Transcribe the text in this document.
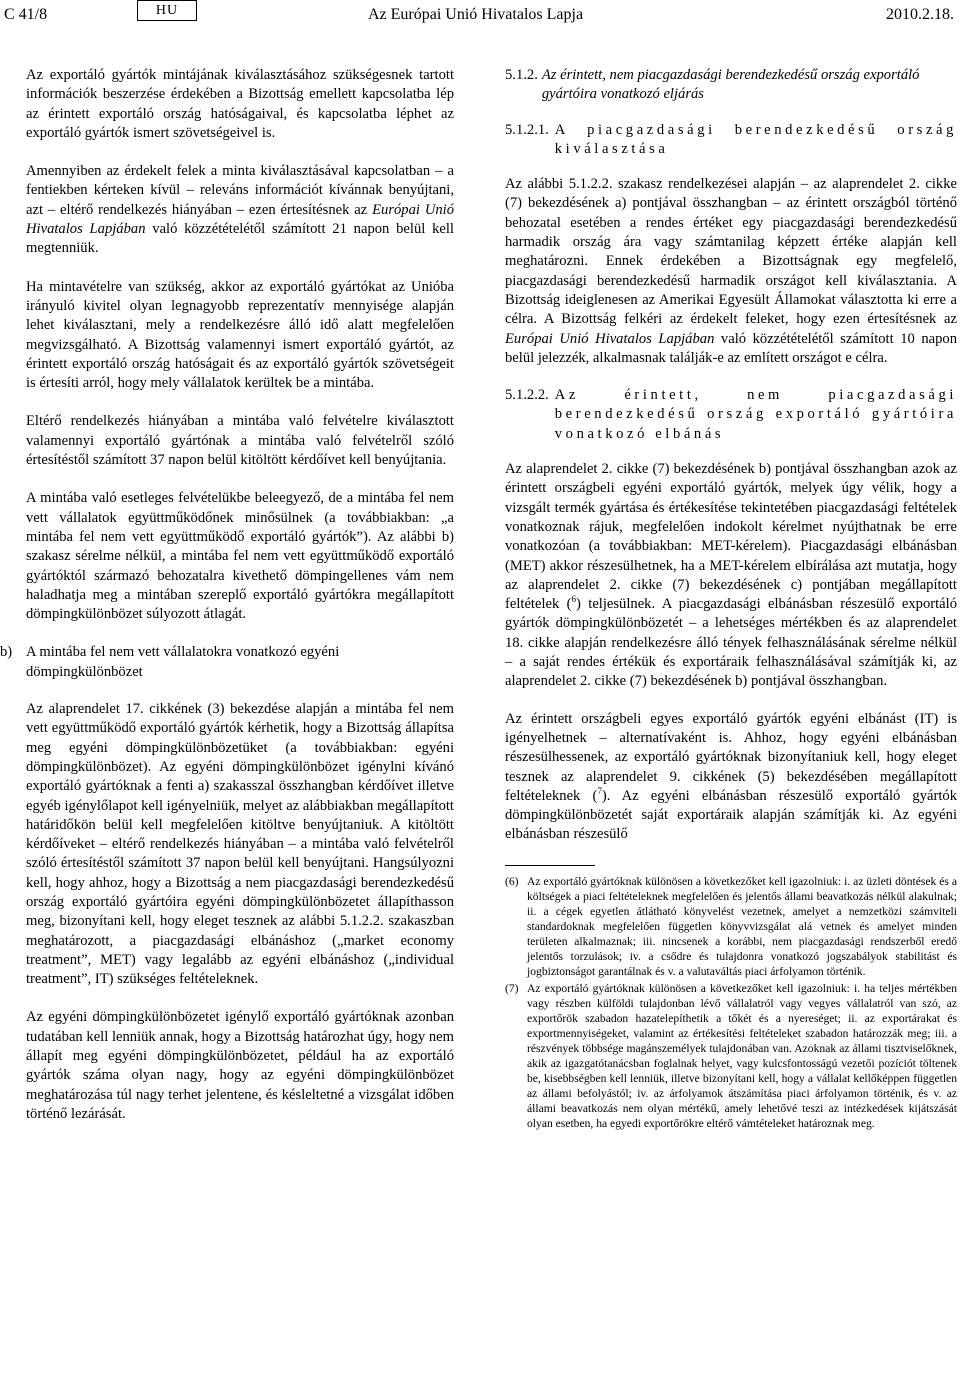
C 41/8	HU	Az Európai Unió Hivatalos Lapja	2010.2.18.

Az exportáló gyártók mintájának kiválasztásához szükségesnek tartott információk beszerzése érdekében a Bizottság emellett kapcsolatba lép az érintett exportáló ország hatóságaival, és kapcsolatba léphet az exportáló gyártók ismert szövetségeivel is.

Amennyiben az érdekelt felek a minta kiválasztásával kapcsolatban – a fentiekben kérteken kívül – releváns információt kívánnak benyújtani, azt – eltérő rendelkezés hiányában – ezen értesítésnek az Európai Unió Hivatalos Lapjában való közzétételétől számított 21 napon belül kell megtenniük.

Ha mintavételre van szükség, akkor az exportáló gyártókat az Unióba irányuló kivitel olyan legnagyobb reprezentatív mennyisége alapján lehet kiválasztani, mely a rendelkezésre álló idő alatt megfelelően megvizsgálható. A Bizottság valamennyi ismert exportáló gyártót, az érintett exportáló ország hatóságait és az exportáló gyártók szövetségeit is értesíti arról, hogy mely vállalatok kerültek be a mintába.

Eltérő rendelkezés hiányában a mintába való felvételre kiválasztott valamennyi exportáló gyártónak a mintába való felvételről szóló értesítéstől számított 37 napon belül kitöltött kérdőívet kell benyújtania.

A mintába való esetleges felvételükbe beleegyező, de a mintába fel nem vett vállalatok együttműködőnek minősülnek (a továbbiakban: „a mintába fel nem vett együttműködő exportáló gyártók”). Az alábbi b) szakasz sérelme nélkül, a mintába fel nem vett együttműködő exportáló gyártóktól származó behozatalra kivethető dömpingellenes vám nem haladhatja meg a mintában szereplő exportáló gyártókra megállapított dömpingkülönbözet súlyozott átlagát.

b) A mintába fel nem vett vállalatokra vonatkozó egyéni dömpingkülönbözet

Az alaprendelet 17. cikkének (3) bekezdése alapján a mintába fel nem vett együttműködő exportáló gyártók kérhetik, hogy a Bizottság állapítsa meg egyéni dömpingkülönbözetüket (a továbbiakban: egyéni dömpingkülönbözet). Az egyéni dömpingkülönbözet igénylni kívánó exportáló gyártóknak a fenti a) szakasszal összhangban kérdőívet illetve egyéb igénylőlapot kell igényelniük, melyet az alábbiakban megállapított határidőkön belül kell megfelelően kitöltve benyújtaniuk. A kitöltött kérdőíveket – eltérő rendelkezés hiányában – a mintába való felvételről szóló értesítéstől számított 37 napon belül kell benyújtani. Hangsúlyozni kell, hogy ahhoz, hogy a Bizottság a nem piacgazdasági berendezkedésű ország exportáló gyártóira egyéni dömpingkülönbözetet állapíthasson meg, bizonyítani kell, hogy eleget tesznek az alábbi 5.1.2.2. szakaszban meghatározott, a piacgazdasági elbánáshoz („market economy treatment”, MET) vagy legalább az egyéni elbánáshoz („individual treatment”, IT) szükséges feltételeknek.

Az egyéni dömpingkülönbözetet igénylő exportáló gyártóknak azonban tudatában kell lenniük annak, hogy a Bizottság határozhat úgy, hogy nem állapít meg egyéni dömpingkülönbözetet, például ha az exportáló gyártók száma olyan nagy, hogy az egyéni dömpingkülönbözet meghatározása túl nagy terhet jelentene, és késleltetné a vizsgálat időben történő lezárását.

5.1.2. Az érintett, nem piacgazdasági berendezkedésű ország exportáló gyártóira vonatkozó eljárás
5.1.2.1. A piacgazdasági berendezkedésű ország kiválasztása

Az alábbi 5.1.2.2. szakasz rendelkezései alapján – az alaprendelet 2. cikke (7) bekezdésének a) pontjával összhangban – az érintett országból történő behozatal esetében a rendes értéket egy piacgazdasági berendezkedésű harmadik ország ára vagy számtanilag képzett értéke alapján kell meghatározni. Ennek érdekében a Bizottságnak egy megfelelő, piacgazdasági berendezkedésű harmadik országot kell kiválasztania. A Bizottság ideiglenesen az Amerikai Egyesült Államokat választotta ki erre a célra. A Bizottság felkéri az érdekelt feleket, hogy ezen értesítésnek az Európai Unió Hivatalos Lapjában való közzétételétől számított 10 napon belül jelezzék, alkalmasnak találják-e az említett országot e célra.

5.1.2.2. Az érintett, nem piacgazdasági berendezkedésű ország exportáló gyártóira vonatkozó elbánás

Az alaprendelet 2. cikke (7) bekezdésének b) pontjával összhangban azok az érintett országbeli egyéni exportáló gyártók, melyek úgy vélik, hogy a vizsgált termék gyártása és értékesítése tekintetében piacgazdasági feltételek vonatkoznak rájuk, megfelelően indokolt kérelmet nyújthatnak be erre vonatkozóan (a továbbiakban: MET-kérelem). Piacgazdasági elbánásban (MET) akkor részesülhetnek, ha a MET-kérelem elbírálása azt mutatja, hogy az alaprendelet 2. cikke (7) bekezdésének c) pontjában megállapított feltételek ($^6$) teljesülnek. A piacgazdasági elbánásban részesülő exportáló gyártók dömpingkülönbözetét – a lehetséges mértékben és az alaprendelet 18. cikke alapján rendelkezésre álló tények felhasználásának sérelme nélkül – a saját rendes értékük és exportáraik felhasználásával számítják ki, az alaprendelet 2. cikke (7) bekezdésének b) pontjával összhangban.

Az érintett országbeli egyes exportáló gyártók egyéni elbánást (IT) is igényelhetnek – alternatívaként is. Ahhoz, hogy egyéni elbánásban részesülhessenek, az exportáló gyártóknak bizonyítaniuk kell, hogy eleget tesznek az alaprendelet 9. cikkének (5) bekezdésében megállapított feltételeknek ($^7$). Az egyéni elbánásban részesülő exportáló gyártók dömpingkülönbözetét saját exportáraik alapján számítják ki. Az egyéni elbánásban részesülő

(6) Az exportáló gyártóknak különösen a következőket kell igazolniuk: i. az üzleti döntések és a költségek a piaci feltételeknek megfelelően és jelentős állami beavatkozás nélkül alakulnak; ii. a cégek egyetlen átlátható könyvelést vezetnek, amelyet a nemzetközi számviteli standardoknak megfelelően független könyvvizsgálat alá vetnek és amelyet minden területen alkalmaznak; iii. nincsenek a korábbi, nem piacgazdasági rendszerből eredő jelentős torzulások; iv. a csődre és tulajdonra vonatkozó jogszabályok stabilitást és jogbiztonságot garantálnak és v. a valutaváltás piaci árfolyamon történik.
(7) Az exportáló gyártóknak különösen a következőket kell igazolniuk: i. ha teljes mértékben vagy részben külföldi tulajdonban lévő vállalatról vagy vegyes vállalatról van szó, az exportőrök szabadon hazatelepíthetik a tőkét és a nyereséget; ii. az exportárakat és exportmennyiségeket, valamint az értékesítési feltételeket szabadon határozzák meg; iii. a részvények többsége magánszemélyek tulajdonában van. Azoknak az állami tisztviselőknek, akik az igazgatótanácsban foglalnak helyet, vagy kulcsfontosságú vezetői pozíciót töltenek be, kisebbségben kell lenniük, illetve bizonyítani kell, hogy a vállalat kellőképpen független az állami befolyástól; iv. az árfolyamok átszámítása piaci árfolyamon történik, és v. az állami beavatkozás nem olyan mértékű, amely lehetővé teszi az intézkedések kijátszását olyan esetben, ha egyedi exportőrökre eltérő vámtételeket határoznak meg.
